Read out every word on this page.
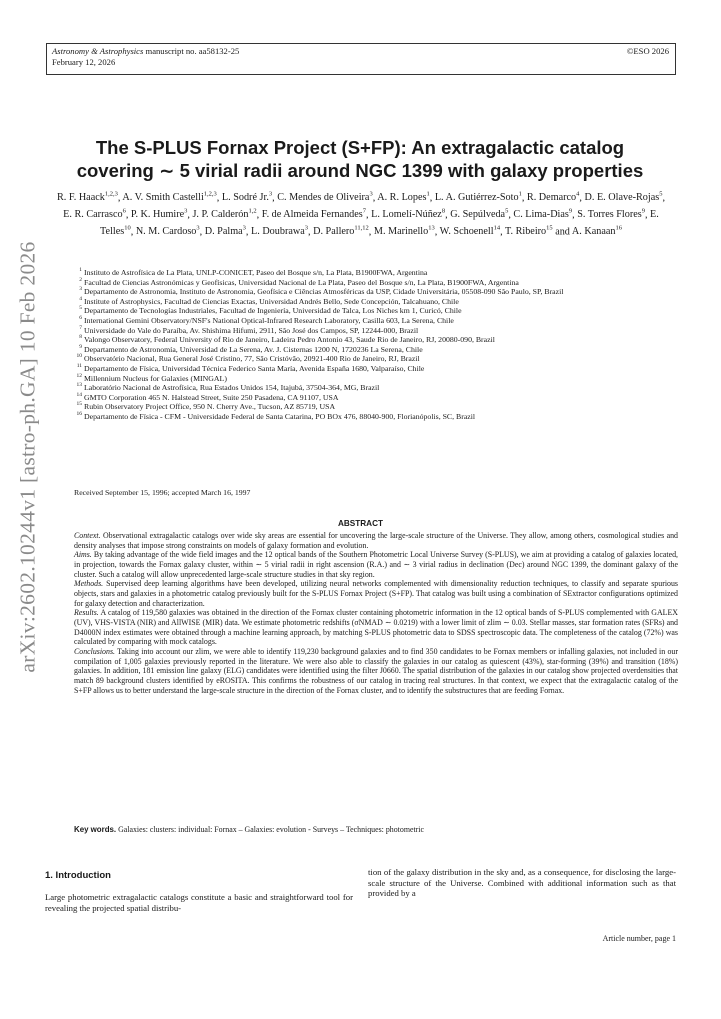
Astronomy & Astrophysics manuscript no. aa58132-25
February 12, 2026
©ESO 2026
arXiv:2602.10244v1 [astro-ph.GA] 10 Feb 2026
The S-PLUS Fornax Project (S+FP): An extragalactic catalog
covering ∼ 5 virial radii around NGC 1399 with galaxy properties
R. F. Haack$^{1,2,3}$, A. V. Smith Castelli$^{1,2,3}$, L. Sodré Jr.$^3$, C. Mendes de Oliveira$^3$, A. R. Lopes$^1$, L. A. Gutiérrez-Soto$^1$, R. Demarco$^4$, D. E. Olave-Rojas$^5$, E. R. Carrasco$^6$, P. K. Humire$^3$, J. P. Calderón$^{1,2}$, F. de Almeida Fernandes$^7$, L. Lomelí-Núñez$^8$, G. Sepúlveda$^5$, C. Lima-Dias$^9$, S. Torres Flores$^9$, E. Telles$^{10}$, N. M. Cardoso$^3$, D. Palma$^3$, L. Doubrawa$^3$, D. Pallero$^{11,12}$, M. Marinello$^{13}$, W. Schoenell$^{14}$, T. Ribeiro$^{15}$ and A. Kanaan$^{16}$
1 Instituto de Astrofísica de La Plata, UNLP-CONICET, Paseo del Bosque s/n, La Plata, B1900FWA, Argentina
2 Facultad de Ciencias Astronómicas y Geofísicas, Universidad Nacional de La Plata, Paseo del Bosque s/n, La Plata, B1900FWA, Argentina
3 Departamento de Astronomia, Instituto de Astronomia, Geofísica e Ciências Atmosféricas da USP, Cidade Universitária, 05508-090 São Paulo, SP, Brazil
4 Institute of Astrophysics, Facultad de Ciencias Exactas, Universidad Andrés Bello, Sede Concepción, Talcahuano, Chile
5 Departamento de Tecnologías Industriales, Facultad de Ingeniería, Universidad de Talca, Los Niches km 1, Curicó, Chile
6 International Gemini Observatory/NSF's National Optical-Infrared Research Laboratory, Casilla 603, La Serena, Chile
7 Universidade do Vale do Paraíba, Av. Shishima Hifumi, 2911, São José dos Campos, SP, 12244-000, Brazil
8 Valongo Observatory, Federal University of Rio de Janeiro, Ladeira Pedro Antonio 43, Saude Rio de Janeiro, RJ, 20080-090, Brazil
9 Departamento de Astronomía, Universidad de La Serena, Av. J. Cisternas 1200 N, 1720236 La Serena, Chile
10 Observatório Nacional, Rua General José Cristino, 77, São Cristóvão, 20921-400 Rio de Janeiro, RJ, Brazil
11 Departamento de Física, Universidad Técnica Federico Santa María, Avenida España 1680, Valparaíso, Chile
12 Millennium Nucleus for Galaxies (MINGAL)
13 Laboratório Nacional de Astrofísica, Rua Estados Unidos 154, Itajubá, 37504-364, MG, Brazil
14 GMTO Corporation 465 N. Halstead Street, Suite 250 Pasadena, CA 91107, USA
15 Rubin Observatory Project Office, 950 N. Cherry Ave., Tucson, AZ 85719, USA
16 Departamento de Física - CFM - Universidade Federal de Santa Catarina, PO BOx 476, 88040-900, Florianópolis, SC, Brazil
Received September 15, 1996; accepted March 16, 1997
ABSTRACT

Context. Observational extragalactic catalogs over wide sky areas are essential for uncovering the large-scale structure of the Universe. They allow, among others, cosmological studies and density analyses that impose strong constraints on models of galaxy formation and evolution.

Aims. By taking advantage of the wide field images and the 12 optical bands of the Southern Photometric Local Universe Survey (S-PLUS), we aim at providing a catalog of galaxies located, in projection, towards the Fornax galaxy cluster, within ∼ 5 virial radii in right ascension (R.A.) and ∼ 3 virial radius in declination (Dec) around NGC 1399, the dominant galaxy of the cluster. Such a catalog will allow unprecedented large-scale structure studies in that sky region.

Methods. Supervised deep learning algorithms have been developed, utilizing neural networks complemented with dimensionality reduction techniques, to classify and separate spurious objects, stars and galaxies in a photometric catalog previously built for the S-PLUS Fornax Project (S+FP). That catalog was built using a combination of SExtractor configurations optimized for galaxy detection and characterization.

Results. A catalog of 119,580 galaxies was obtained in the direction of the Fornax cluster containing photometric information in the 12 optical bands of S-PLUS complemented with GALEX (UV), VHS-VISTA (NIR) and AllWISE (MIR) data. We estimate photometric redshifts (σNMAD ∼ 0.0219) with a lower limit of zlim ∼ 0.03. Stellar masses, star formation rates (SFRs) and D4000N index estimates were obtained through a machine learning approach, by matching S-PLUS photometric data to SDSS spectroscopic data. The completeness of the catalog (72%) was calculated by comparing with mock catalogs.

Conclusions. Taking into account our zlim, we were able to identify 119,230 background galaxies and to find 350 candidates to be Fornax members or infalling galaxies, not included in our compilation of 1,005 galaxies previously reported in the literature. We were also able to classify the galaxies in our catalog as quiescent (43%), star-forming (39%) and transition (18%) galaxies. In addition, 181 emission line galaxy (ELG) candidates were identified using the filter J0660. The spatial distribution of the galaxies in our catalog show projected overdensities that match 89 background clusters identified by eROSITA. This confirms the robustness of our catalog in tracing real structures. In that context, we expect that the extragalactic catalog of the S+FP allows us to better understand the large-scale structure in the direction of the Fornax cluster, and to identify the substructures that are feeding Fornax.

Key words. Galaxies: clusters: individual: Fornax – Galaxies: evolution - Surveys – Techniques: photometric
1. Introduction

Large photometric extragalactic catalogs constitute a basic and straightforward tool for revealing the projected spatial distribu-

tion of the galaxy distribution in the sky and, as a consequence, for disclosing the large-scale structure of the Universe. Combined with additional information such as that provided by a

Article number, page 1
